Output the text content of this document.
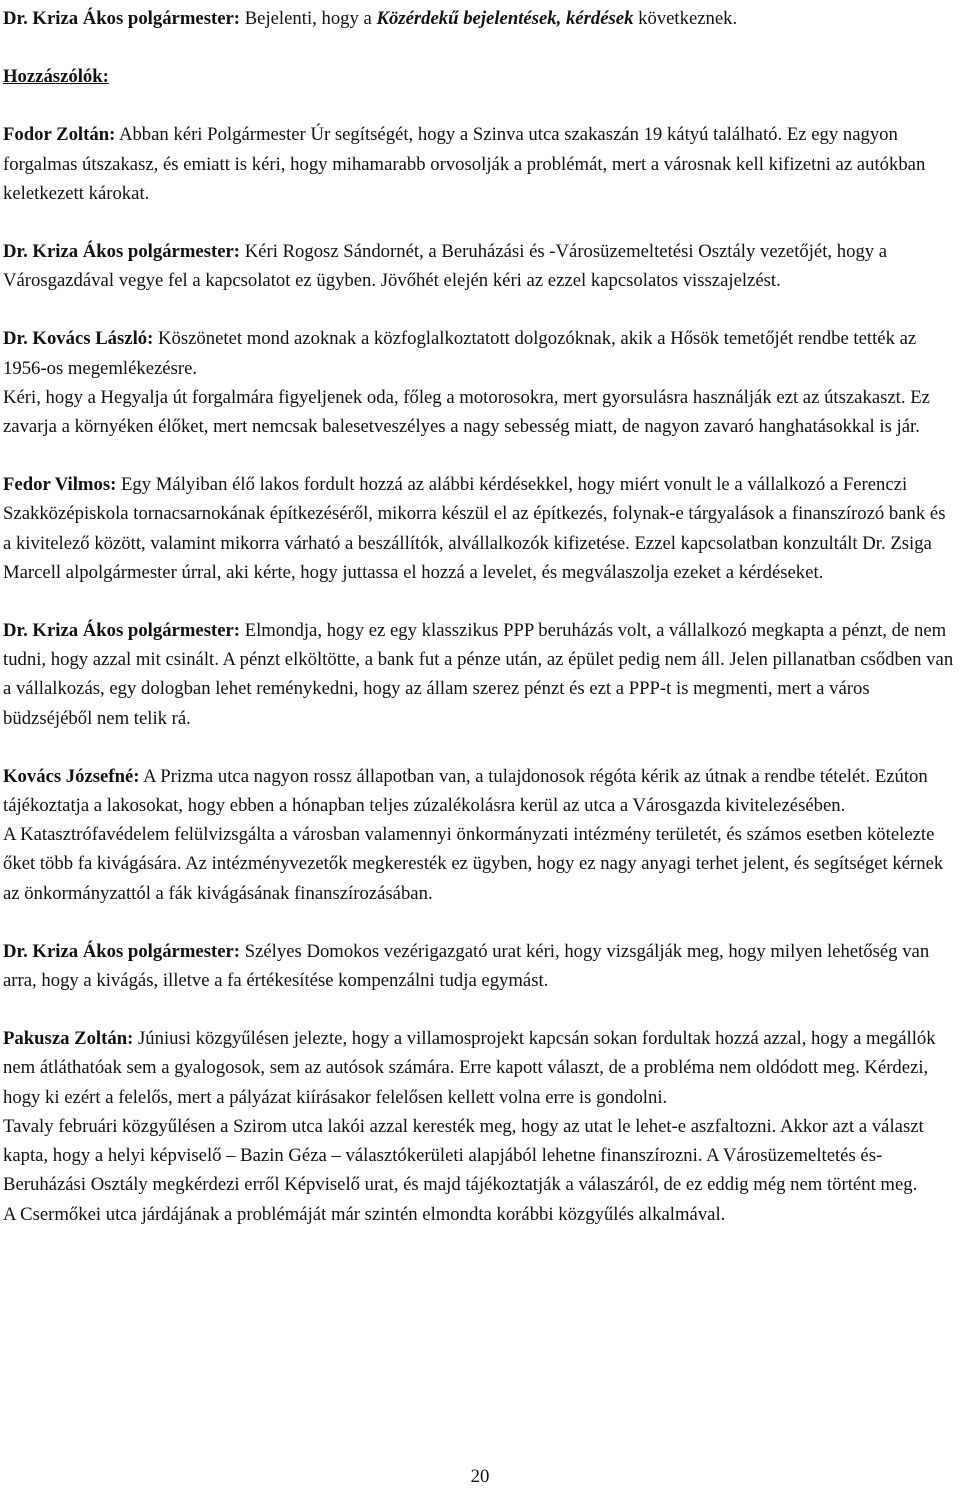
Dr. Kriza Ákos polgármester: Bejelenti, hogy a Közérdekű bejelentések, kérdések következnek.

Hozzászólók:

Fodor Zoltán: Abban kéri Polgármester Úr segítségét, hogy a Szinva utca szakaszán 19 kátyú található. Ez egy nagyon forgalmas útszakasz, és emiatt is kéri, hogy mihamarabb orvosolják a problémát, mert a városnak kell kifizetni az autókban keletkezett károkat.

Dr. Kriza Ákos polgármester: Kéri Rogosz Sándornét, a Beruházási és -Városüzemeltetési Osztály vezetőjét, hogy a Városgazdával vegye fel a kapcsolatot ez ügyben. Jövőhét elején kéri az ezzel kapcsolatos visszajelzést.

Dr. Kovács László: Köszönetet mond azoknak a közfoglalkoztatott dolgozóknak, akik a Hősök temetőjét rendbe tették az 1956-os megemlékezésre.

Kéri, hogy a Hegyalja út forgalmára figyeljenek oda, főleg a motorosokra, mert gyorsulásra használják ezt az útszakaszt. Ez zavarja a környéken élőket, mert nemcsak balesetveszélyes a nagy sebesség miatt, de nagyon zavaró hanghatásokkal is jár.

Fedor Vilmos: Egy Mályiban élő lakos fordult hozzá az alábbi kérdésekkel, hogy miért vonult le a vállalkozó a Ferenczi Szakközépiskola tornacsarnokának építkezéséről, mikorra készül el az építkezés, folynak-e tárgyalások a finanszírozó bank és a kivitelező között, valamint mikorra várható a beszállítók, alvállalkozók kifizetése. Ezzel kapcsolatban konzultált Dr. Zsiga Marcell alpolgármester úrral, aki kérte, hogy juttassa el hozzá a levelet, és megválaszolja ezeket a kérdéseket.

Dr. Kriza Ákos polgármester: Elmondja, hogy ez egy klasszikus PPP beruházás volt, a vállalkozó megkapta a pénzt, de nem tudni, hogy azzal mit csinált. A pénzt elköltötte, a bank fut a pénze után, az épület pedig nem áll. Jelen pillanatban csődben van a vállalkozás, egy dologban lehet reménykedni, hogy az állam szerez pénzt és ezt a PPP-t is megmenti, mert a város büdzséjéből nem telik rá.

Kovács Józsefné: A Prizma utca nagyon rossz állapotban van, a tulajdonosok régóta kérik az útnak a rendbe tételét. Ezúton tájékoztatja a lakosokat, hogy ebben a hónapban teljes zúzalékolásra kerül az utca a Városgazda kivitelezésében.

A Katasztrófavédelem felülvizsgálta a városban valamennyi önkormányzati intézmény területét, és számos esetben kötelezte őket több fa kivágására. Az intézményvezetők megkeresték ez ügyben, hogy ez nagy anyagi terhet jelent, és segítséget kérnek az önkormányzattól a fák kivágásának finanszírozásában.

Dr. Kriza Ákos polgármester: Szélyes Domokos vezérigazgató urat kéri, hogy vizsgálják meg, hogy milyen lehetőség van arra, hogy a kivágás, illetve a fa értékesítése kompenzálni tudja egymást.

Pakusza Zoltán: Júniusi közgyűlésen jelezte, hogy a villamosprojekt kapcsán sokan fordultak hozzá azzal, hogy a megállók nem átláthatóak sem a gyalogosok, sem az autósok számára. Erre kapott választ, de a probléma nem oldódott meg. Kérdezi, hogy ki ezért a felelős, mert a pályázat kiírásakor felelősen kellett volna erre is gondolni.

Tavaly februári közgyűlésen a Szirom utca lakói azzal keresték meg, hogy az utat le lehet-e aszfaltozni. Akkor azt a választ kapta, hogy a helyi képviselő – Bazin Géza – választókerületi alapjából lehetne finanszírozni. A Városüzemeltetés és- Beruházási Osztály megkérdezi erről Képviselő urat, és majd tájékoztatják a válaszáról, de ez eddig még nem történt meg.

A Csermőkei utca járdájának a problémáját már szintén elmondta korábbi közgyűlés alkalmával.

20
